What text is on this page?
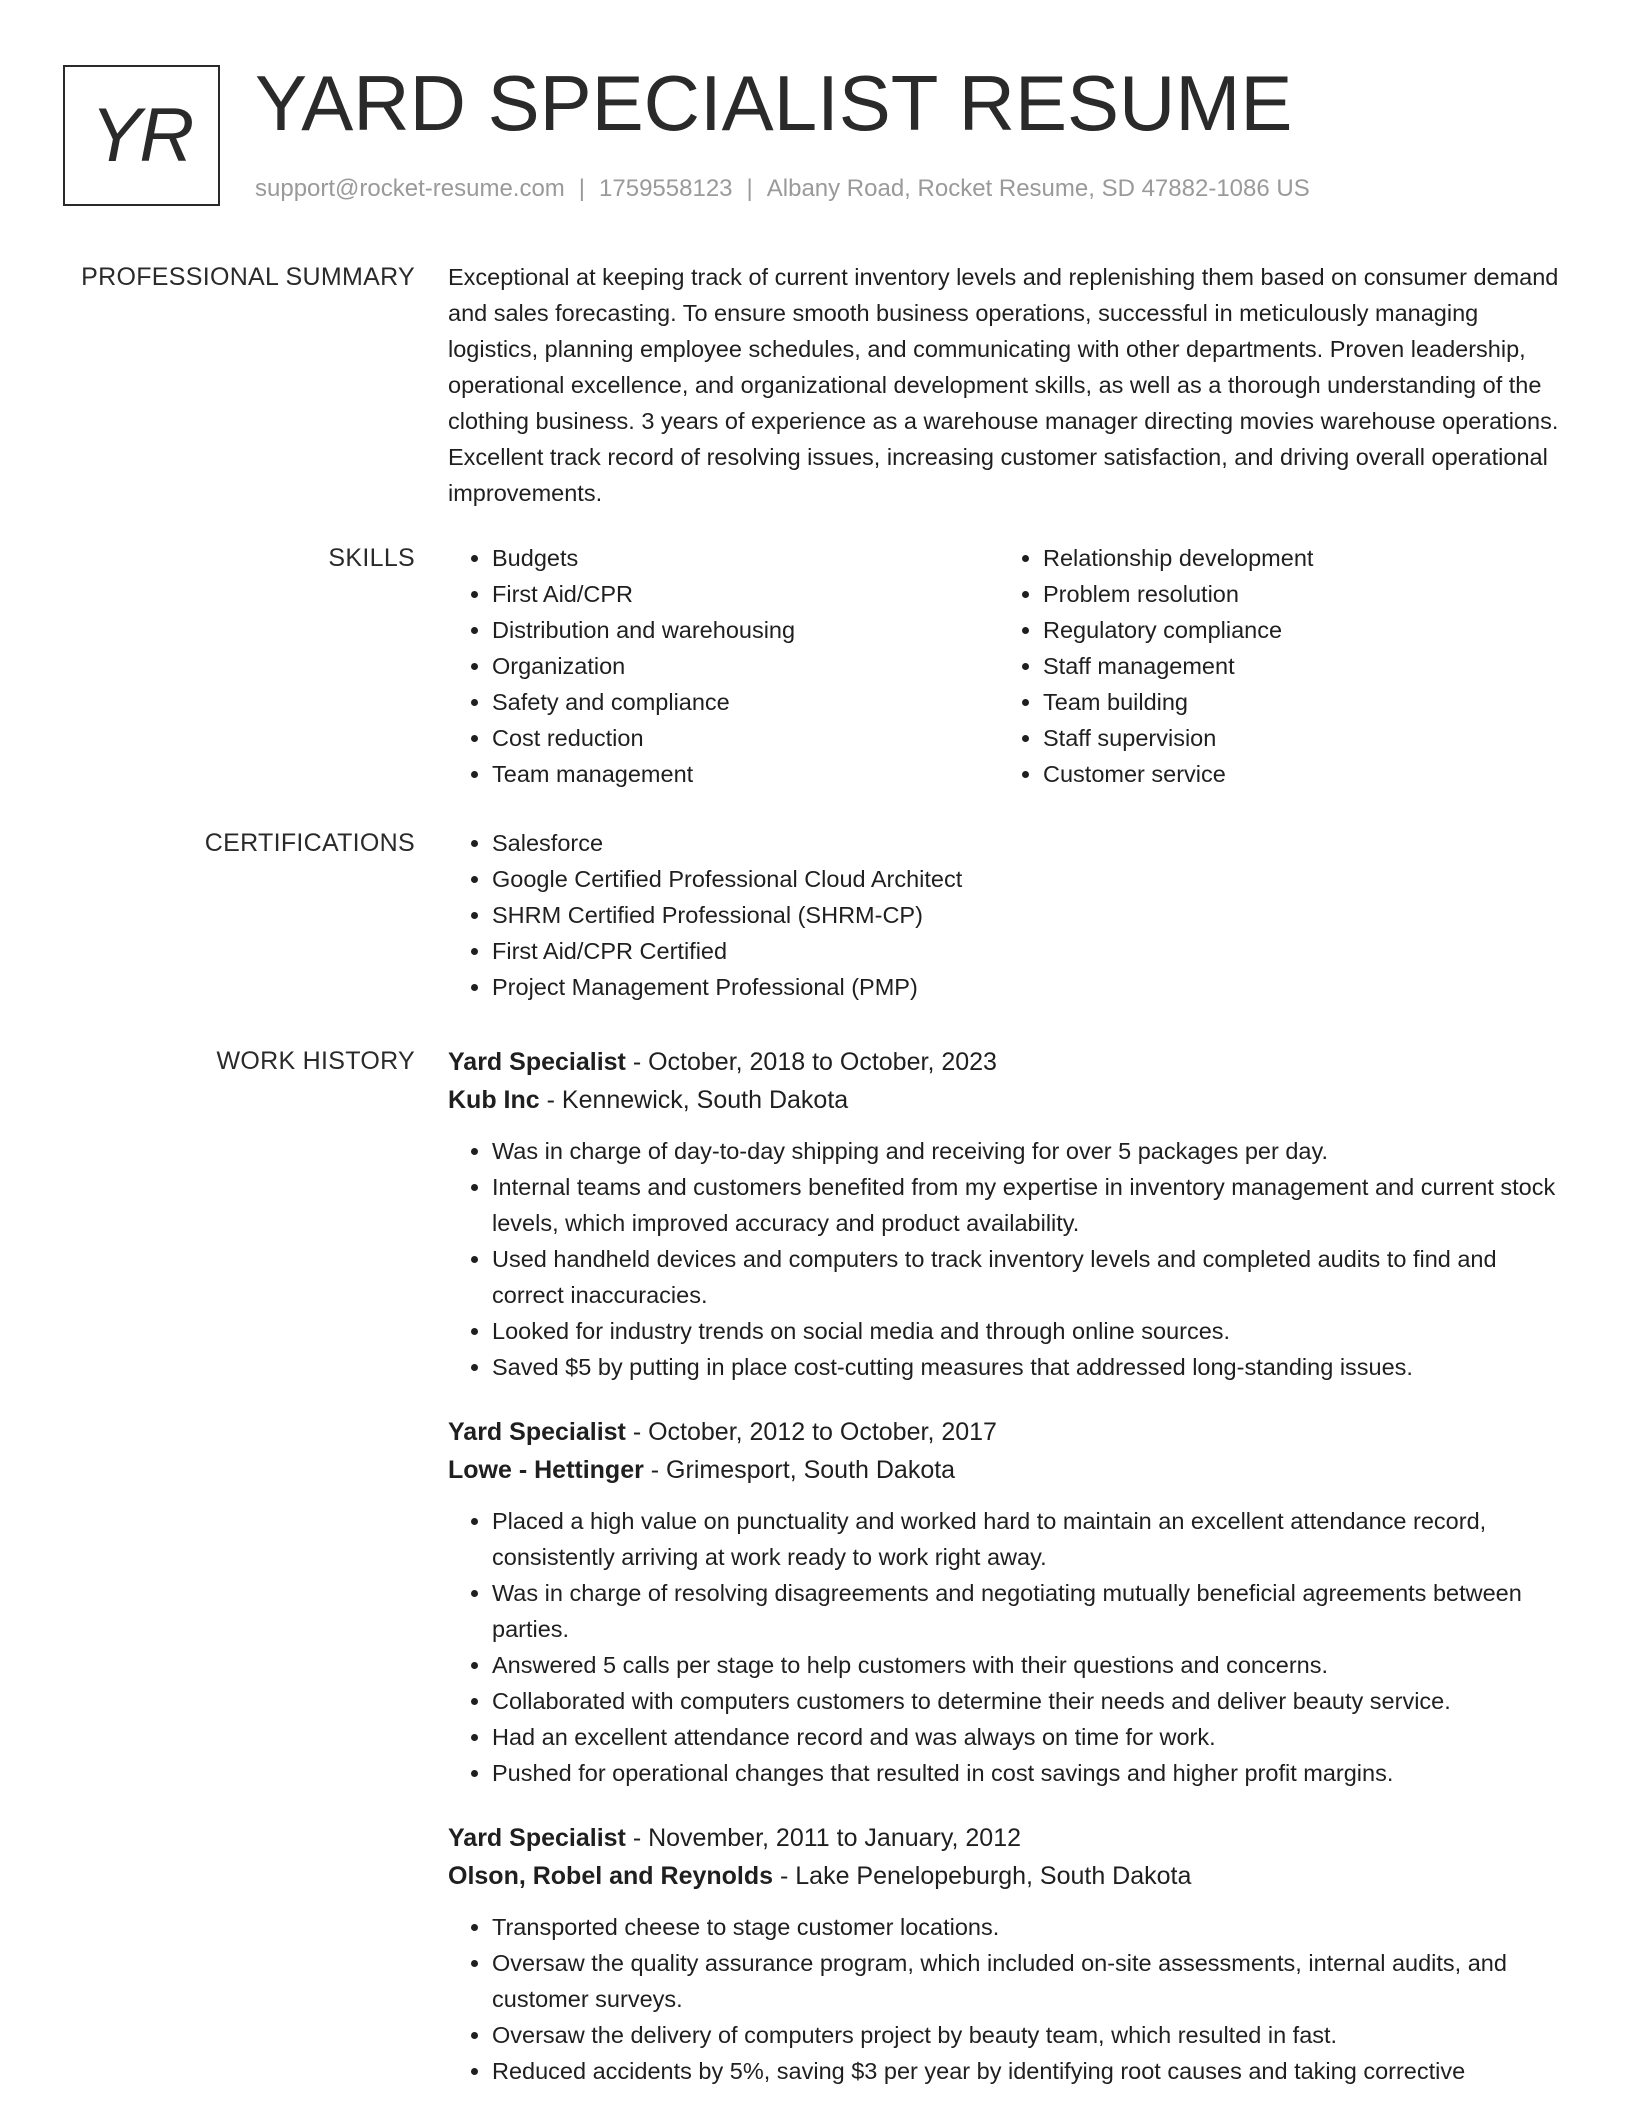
YR YARD SPECIALIST RESUME
support@rocket-resume.com | 1759558123 | Albany Road, Rocket Resume, SD 47882-1086 US
PROFESSIONAL SUMMARY Exceptional at keeping track of current inventory levels and replenishing them based on consumer demand and sales forecasting. To ensure smooth business operations, successful in meticulously managing logistics, planning employee schedules, and communicating with other departments. Proven leadership, operational excellence, and organizational development skills, as well as a thorough understanding of the clothing business. 3 years of experience as a warehouse manager directing movies warehouse operations. Excellent track record of resolving issues, increasing customer satisfaction, and driving overall operational improvements.
SKILLS	• Budgets
• First Aid/CPR
• Distribution and warehousing
• Organization
• Safety and compliance
• Cost reduction
• Team management
• Relationship development
• Problem resolution
• Regulatory compliance
• Staff management
• Team building
• Staff supervision
• Customer service
CERTIFICATIONS	• Salesforce
• Google Certified Professional Cloud Architect
• SHRM Certified Professional (SHRM-CP)
• First Aid/CPR Certified
• Project Management Professional (PMP)
WORK HISTORY Yard Specialist - October, 2018 to October, 2023
Kub Inc - Kennewick, South Dakota
• Was in charge of day-to-day shipping and receiving for over 5 packages per day.
• Internal teams and customers benefited from my expertise in inventory management and current stock levels, which improved accuracy and product availability.
• Used handheld devices and computers to track inventory levels and completed audits to find and correct inaccuracies.
• Looked for industry trends on social media and through online sources.
• Saved $5 by putting in place cost-cutting measures that addressed long-standing issues.
Yard Specialist - October, 2012 to October, 2017
Lowe - Hettinger - Grimesport, South Dakota
• Placed a high value on punctuality and worked hard to maintain an excellent attendance record, consistently arriving at work ready to work right away.
• Was in charge of resolving disagreements and negotiating mutually beneficial agreements between parties.
• Answered 5 calls per stage to help customers with their questions and concerns.
• Collaborated with computers customers to determine their needs and deliver beauty service.
• Had an excellent attendance record and was always on time for work.
• Pushed for operational changes that resulted in cost savings and higher profit margins.
Yard Specialist - November, 2011 to January, 2012
Olson, Robel and Reynolds - Lake Penelopeburgh, South Dakota
• Transported cheese to stage customer locations.
• Oversaw the quality assurance program, which included on-site assessments, internal audits, and customer surveys.
• Oversaw the delivery of computers project by beauty team, which resulted in fast.
• Reduced accidents by 5%, saving $3 per year by identifying root causes and taking corrective
